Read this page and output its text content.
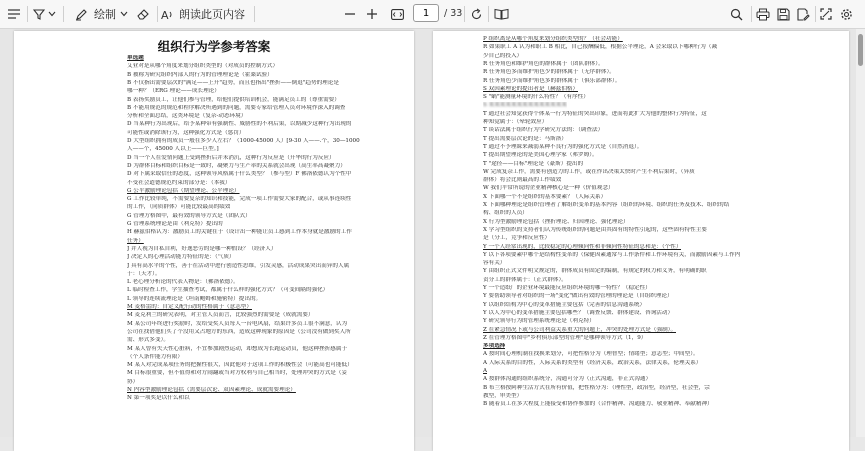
绘制	A 朗读此页内容
1	/ 33
组织行为学参考答案
单选题
艾业对是从哪个角度来划分组织类型的（对成员的控制方式）
B 被称为研究组织内部人的行为的管理理论是（霍桑试验）
B 不仅指出需要层次的"满足——上升"趋势，而且也指出"挫折——倒退"趋势的理论是
哪一种？（ERG 理论——成长理论）
B 表扬奖励员工，让他们参与管理，给他们提供培训机会，能满足员工的（尊重需要）
B 不能用规范的规范和程序解决所遇到的问题，需要专家给管理人员对环境作深入的调查
分析和全面总结，这类环境是（复杂-动态环境）
D 当某种行为出现后，给予某种带有强制性、威胁性的不利后果，以期减少这种行为出现的
可能性或消除该行为，这种强化方式是（惩罚）
D 大型组织拥有的成员一般在多少人左右？（1000-45000 人）[9-30 人——.个，30—1000
人——个，45000 人以上——巨型。]
D 当一个人在爱情问题上受到挫折后并未消沉，这种行为反应是（升华的行为反应）
D 为群体目标和组织目标是一致时，凝聚力与生产率的关系就会出现（高生率高凝聚力）
D 对下属采取信任的态度，这种领导风格属于什么类型？（参与型）F 佛洛依德认为个性中
不受社会道德规范约束的部分是：（本我）
G 公平激励理论包括（期望理论、公平理论）
G 工作比较单纯，不需要复杂的知识和技能，完成一项工作需要大家的配合，或从事连续性
的工作，（同质群体）可能比较最高的绩效
G 管理方格图中，最有效的领导方式是（团队式）
G 管理系统理论是由（利克特）提出的
H 赫兹伯格认为：激励员工的关键在于（设计出一种能让员工感到工作本身就是激励的工作
任务）
J 并人视为自私自利，好逸恶劳的是哪一种假设？（经济人）
J 决定人的心理活动能力特征的是：（气质）
J 具有高水平的个性，善于在活动中进行创造性思维，引发灵感，活动成果突出而异的人属
于：（天才）。
L 老心理分析论的代表人物是：（佛洛依德）。
L 临时检查工作，学生抽查考试，都属于什么样的强化方式？（可变间隔的强化）
L 领导的连续流理论是（坦南鲍姆和施密特）提出的。
M 麦格雷的：自定义配行动的性格属于（意志型）
M 麦克利兰的研究表明，对主管人员而言，比较强烈的需要是（成就需要）
M 某公司年终进行奖励时，发给受奖人员每人一台电风扇，结果许多员工很不满意，认为
公司在找借他们买了个没用又占地方的东西，造成这种现象的原因是（公司没有做到奖人所
需、形式多变）。
M 某人曾有失天性心脏病，不宜参加剧烈运动，却想成为长跑运动员，他这种挫折感属于
（个人条件能力有限）
M 某人对完成某项任务的把握性很大，因此他对于这项工作的积极性会（可能高也可能低）
M 目标很重要，但不值得和对方闹翻或当对方权利与自己相当时，处理冲突的方式是（妥
协）
N 内容型激励理论包括（需要层次论、双因素理论、成就需要理论）
N 第一项奖是以什么和以
P 组织离是从哪个角度来划分组织类型的？（社会功能）
R 如果职工 A 认为和职工 B 相比，自己报酬偏低，根据公平理论，A 会采取以下哪种行为（减
少自己的投入）
R 任务角色和维护角色的群体属于（团队群体）。
R 任务角色多而维护角色少的群体属于（无序群体）。
R 任务角色少而维护角色多的群体属于（俱乐部群体）。
S 双因素理论的提出者是（赫兹伯格）
S "蜗"能测量环境的什么特性？（有序性）
S 某某某某某某某某某某某某某某
T 通过社会知觉获得个体某一行为特征的突出印象，进而将此扩大为他的整体行为特征，这
种知觉属于：（晕轮效应）
T 谈话法属于组织行为学研究方法的：（调查法）
T 提出需要层次论的是：马斯洛）
T 通过不予理睬来减弱某种不良行为的强化方式是（自然消退）。
T 提出期望理论的是美国心理学家（弗罗姆）。
T "途径——目标"理论是（豪斯）提出的
W 完成复杂工作，需要有创造力的工作，或在作出决策太快时产生不利后果时，（异质
群体）将会比则最高的工作绩效
W 我们平常所说的企业精神核心是一种（价值观念）
X 下面哪一个不是组织的基本要素？（人际关系）
X 下面哪种理论是组织管理者了解组织变革的基本内容（组织的环境、组织的任务及技术、组织的结
构、组织的人员）
X 行为型激励理论包括（挫折理论、归因理论、强化理论）
X 学习型组织的支持者们认为传统组织的问题是由其固有的特性引起的，这些固有特性主要
是（分工，竞争和反应性）
Y 一个人经常出现的，比较稳定的心理倾向性和非倾向性特征的总和是：（个性）
Y 以下各项要素中哪个是结构性变革的（保健因素通常与工作条件和工作环境有关，而激励因素与工作内
容有关）
Y 由组织正式文件明文规定的，群体成员有固定的编制，有规定的权力和义务，有明确的职
责分工的群体属于：（正式群体）。
Y 一个造纸厂的企业环境最能反应组织环境的哪一特性？（稳定性）
Y 要帮助领导者对组织的一场"变化"做出有效的管理的理论是（自组织理论）
Y 以组织结构为中心的变革措施主要包括（完善的信息沟通系统）
Y 以人为中心的变革措施主要包括哪些？（调查反馈、群体建设、咨询活动）
Y 研究领导行为的管理系统理论是（利克特）
Z 在紧急情况下或与公司利益关系重大的问题上，冲突的处理方式是（强制）。
Z 在管理方格图中"乡村俱乐部型的管理"是哪种领导方式（1，9）
多项选择
A 按时间心理机制在找换来划分，可把性格分为（理智型；情绪型；意志型；中间型）。
A 人际关系的目的性，人际关系的类型有（经济关系，政治关系，法律关系，伦理关系）
A
A 按群体沟通的组织系统分，沟通可分为（正式沟通，非正式沟通）
B 布兰格按阿种生活方式在所有价值，把性格分为：（理性型，政治型，经济型，社会型，宗
教型，审美型）
B 随着员工在多大程度上能接受和协作参加的（合作精神、沟通能力、敬业精神、奉献精神）
